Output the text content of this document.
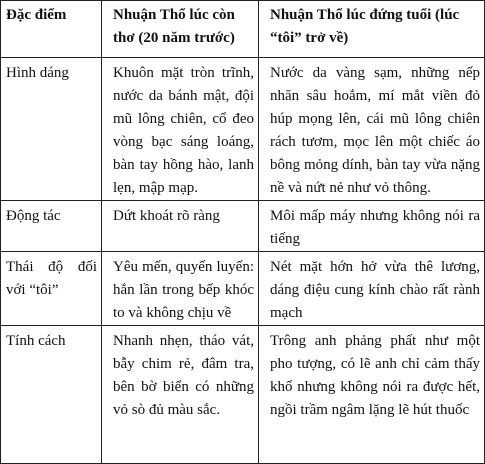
Đặc điểm	Nhuận Thổ lúc còn thơ (20 năm trước)	Nhuận Thổ lúc đứng tuổi (lúc “tôi” trở về)

Hình dáng	Khuôn mặt tròn trĩnh, nước da bánh mật, đội mũ lông chiên, cổ đeo vòng bạc sáng loáng, bàn tay hồng hào, lanh lẹn, mập mạp.	Nước da vàng sạm, những nếp nhăn sâu hoắm, mí mắt viền đỏ húp mọng lên, cái mũ lông chiên rách tươm, mọc lên một chiếc áo bông mỏng dính, bàn tay vừa nặng nề và nứt nẻ như vỏ thông.

Động tác	Dứt khoát rõ ràng	Môi mấp máy nhưng không nói ra tiếng

Thái độ đối với “tôi”	Yêu mến, quyến luyến: hắn lần trong bếp khóc to và không chịu về	Nét mặt hớn hở vừa thê lương, dáng điệu cung kính chào rất rành mạch

Tính cách	Nhanh nhẹn, tháo vát, bẫy chim rẻ, đâm tra, bên bờ biển có những vỏ sò đủ màu sắc.	Trông anh phảng phất như một pho tượng, có lẽ anh chỉ cảm thấy khổ nhưng không nói ra được hết, ngồi trầm ngâm lặng lẽ hút thuốc
